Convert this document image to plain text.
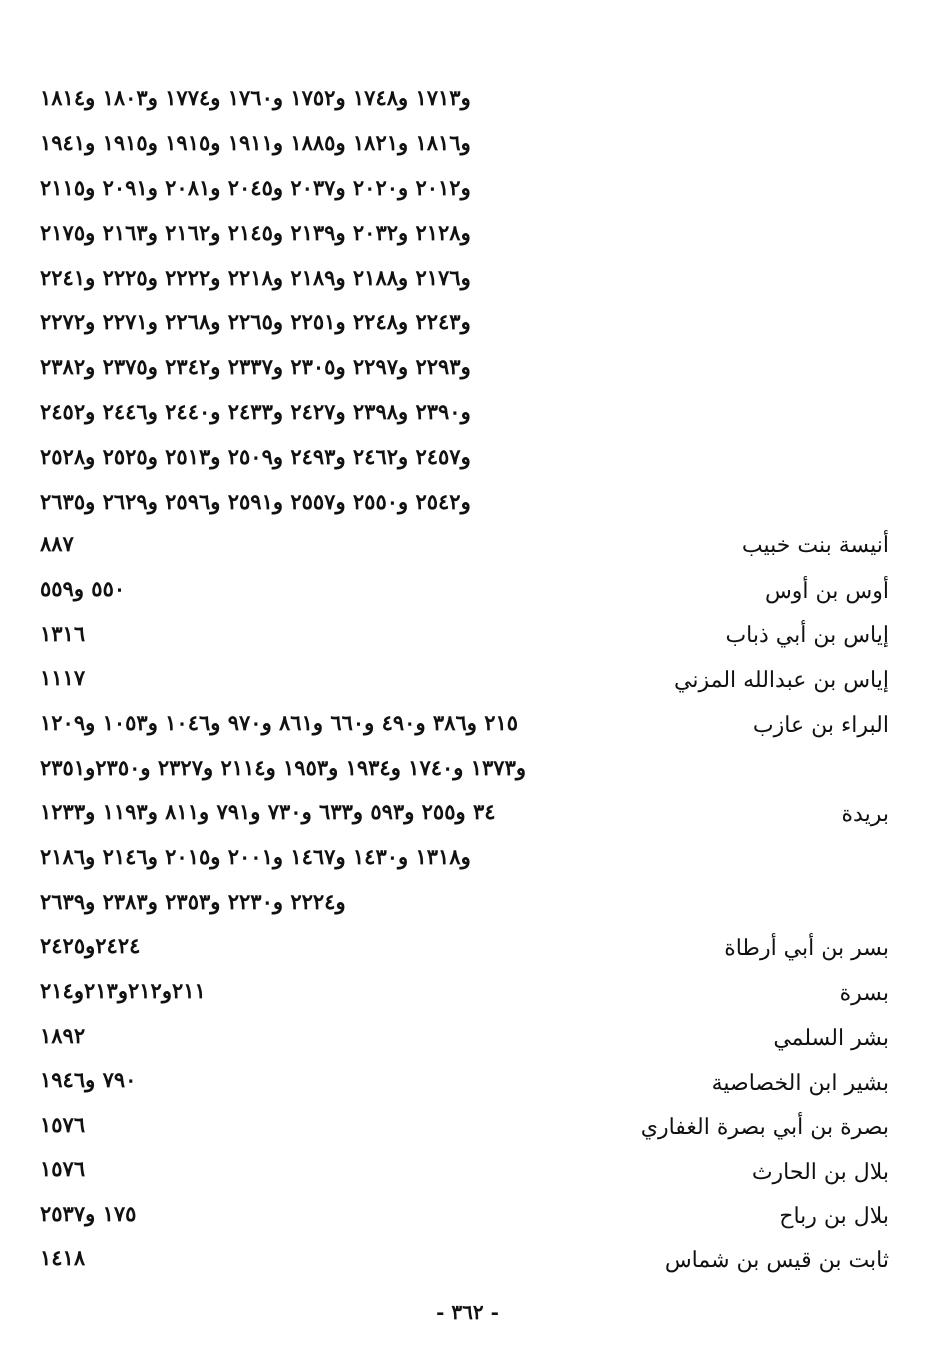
و١٧١٣ و١٧٤٨ و١٧٥٢ و١٧٦٠ و١٧٧٤ و١٨٠٣ و١٨١٤
و١٨١٦ و١٨٢١ و١٨٨٥ و١٩١١ و١٩١٥ و١٩١٥ و١٩٤١
و٢٠١٢ و٢٠٢٠ و٢٠٣٧ و٢٠٤٥ و٢٠٨١ و٢٠٩١ و٢١١٥
و٢١٢٨ و٢٠٣٢ و٢١٣٩ و٢١٤٥ و٢١٦٢ و٢١٦٣ و٢١٧٥
و٢١٧٦ و٢١٨٨ و٢١٨٩ و٢٢١٨ و٢٢٢٢ و٢٢٢٥ و٢٢٤١
و٢٢٤٣ و٢٢٤٨ و٢٢٥١ و٢٢٦٥ و٢٢٦٨ و٢٢٧١ و٢٢٧٢
و٢٢٩٣ و٢٢٩٧ و٢٣٠٥ و٢٣٣٧ و٢٣٤٢ و٢٣٧٥ و٢٣٨٢
و٢٣٩٠ و٢٣٩٨ و٢٤٢٧ و٢٤٣٣ و٢٤٤٠ و٢٤٤٦ و٢٤٥٢
و٢٤٥٧ و٢٤٦٢ و٢٤٩٣ و٢٥٠٩ و٢٥١٣ و٢٥٢٥ و٢٥٢٨
و٢٥٤٢ و٢٥٥٠ و٢٥٥٧ و٢٥٩١ و٢٥٩٦ و٢٦٢٩ و٢٦٣٥
أنيسة بنت خبيب
٨٨٧
أوس بن أوس
٥٥٠ و٥٥٩
إياس بن أبي ذباب
١٣١٦
إياس بن عبدالله المزني
١١١٧
البراء بن عازب
٢١٥ و٣٨٦ و٤٩٠ و٦٦٠ و٨٦١ و٩٧٠ و١٠٤٦ و١٠٥٣ و١٢٠٩
و١٣٧٣ و١٧٤٠ و١٩٣٤ و١٩٥٣ و٢١١٤ و٢٣٢٧ و٢٣٥٠و٢٣٥١
بريدة
٣٤ و٢٥٥ و٥٩٣ و٦٣٣ و٧٣٠ و٧٩١ و٨١١ و١١٩٣ و١٢٣٣
و١٣١٨ و١٤٣٠ و١٤٦٧ و٢٠٠١ و٢٠١٥ و٢١٤٦ و٢١٨٦
و٢٢٢٤ و٢٢٣٠ و٢٣٥٣ و٢٣٨٣ و٢٦٣٩
بسر بن أبي أرطاة
٢٤٢٤و٢٤٢٥
بسرة
٢١١و٢١٢و٢١٣و٢١٤
بشر السلمي
١٨٩٢
بشير ابن الخصاصية
٧٩٠ و١٩٤٦
بصرة بن أبي بصرة الغفاري
١٥٧٦
بلال بن الحارث
١٥٧٦
بلال بن رباح
١٧٥ و٢٥٣٧
ثابت بن قيس بن شماس
١٤١٨
- ٣٦٢ -
